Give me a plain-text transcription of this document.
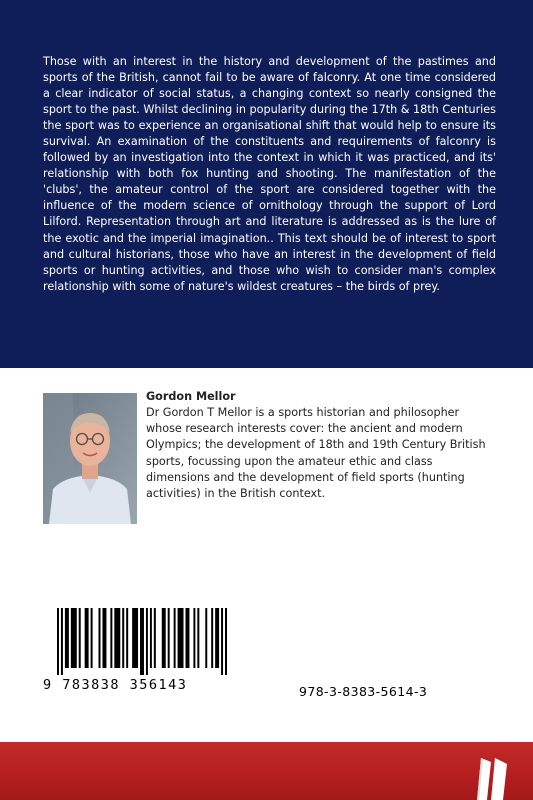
Those with an interest in the history and development of the pastimes and sports of the British, cannot fail to be aware of falconry. At one time considered a clear indicator of social status, a changing context so nearly consigned the sport to the past. Whilst declining in popularity during the 17th & 18th Centuries the sport was to experience an organisational shift that would help to ensure its survival. An examination of the constituents and requirements of falconry is followed by an investigation into the context in which it was practiced, and its' relationship with both fox hunting and shooting. The manifestation of the 'clubs', the amateur control of the sport are considered together with the influence of the modern science of ornithology through the support of Lord Lilford. Representation through art and literature is addressed as is the lure of the exotic and the imperial imagination.. This text should be of interest to sport and cultural historians, those who have an interest in the development of field sports or hunting activities, and those who wish to consider man's complex relationship with some of nature's wildest creatures – the birds of prey.

Gordon Mellor

Dr Gordon T Mellor is a sports historian and philosopher whose research interests cover: the ancient and modern Olympics; the development of 18th and 19th Century British sports, focussing upon the amateur ethic and class dimensions and the development of field sports (hunting activities) in the British context.

9 783838 356143	978-3-8383-5614-3
